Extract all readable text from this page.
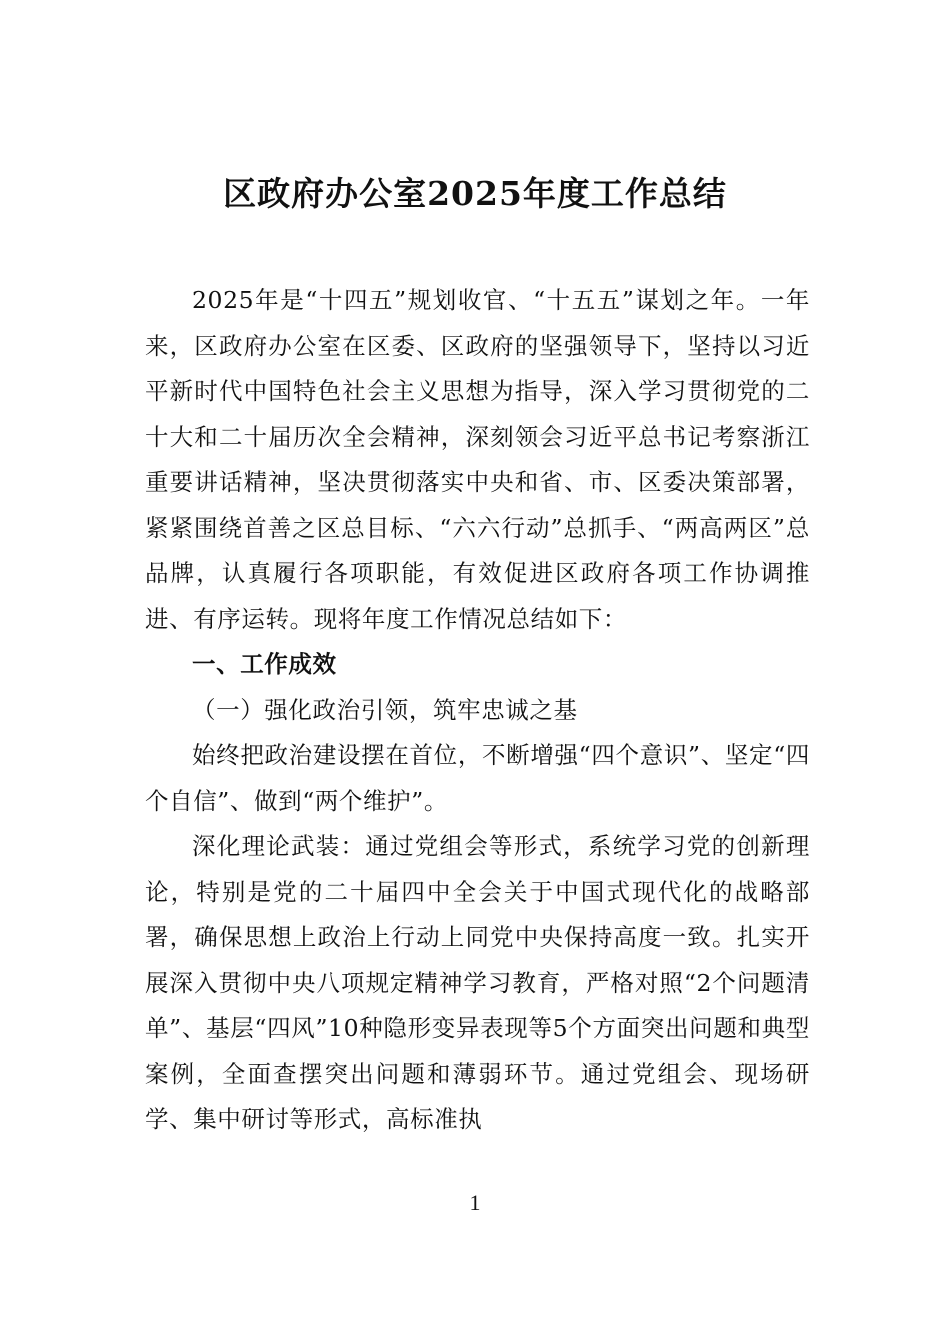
区政府办公室2025年度工作总结

2025年是“十四五”规划收官、“十五五”谋划之年。一年来，区政府办公室在区委、区政府的坚强领导下，坚持以习近平新时代中国特色社会主义思想为指导，深入学习贯彻党的二十大和二十届历次全会精神，深刻领会习近平总书记考察浙江重要讲话精神，坚决贯彻落实中央和省、市、区委决策部署，紧紧围绕首善之区总目标、“六六行动”总抓手、“两高两区”总品牌，认真履行各项职能，有效促进区政府各项工作协调推进、有序运转。现将年度工作情况总结如下：

一、工作成效

（一）强化政治引领，筑牢忠诚之基

始终把政治建设摆在首位，不断增强“四个意识”、坚定“四个自信”、做到“两个维护”。

深化理论武装：通过党组会等形式，系统学习党的创新理论，特别是党的二十届四中全会关于中国式现代化的战略部署，确保思想上政治上行动上同党中央保持高度一致。扎实开展深入贯彻中央八项规定精神学习教育，严格对照“2个问题清单”、基层“四风”10种隐形变异表现等5个方面突出问题和典型案例，全面查摆突出问题和薄弱环节。通过党组会、现场研学、集中研讨等形式，高标准执

1
